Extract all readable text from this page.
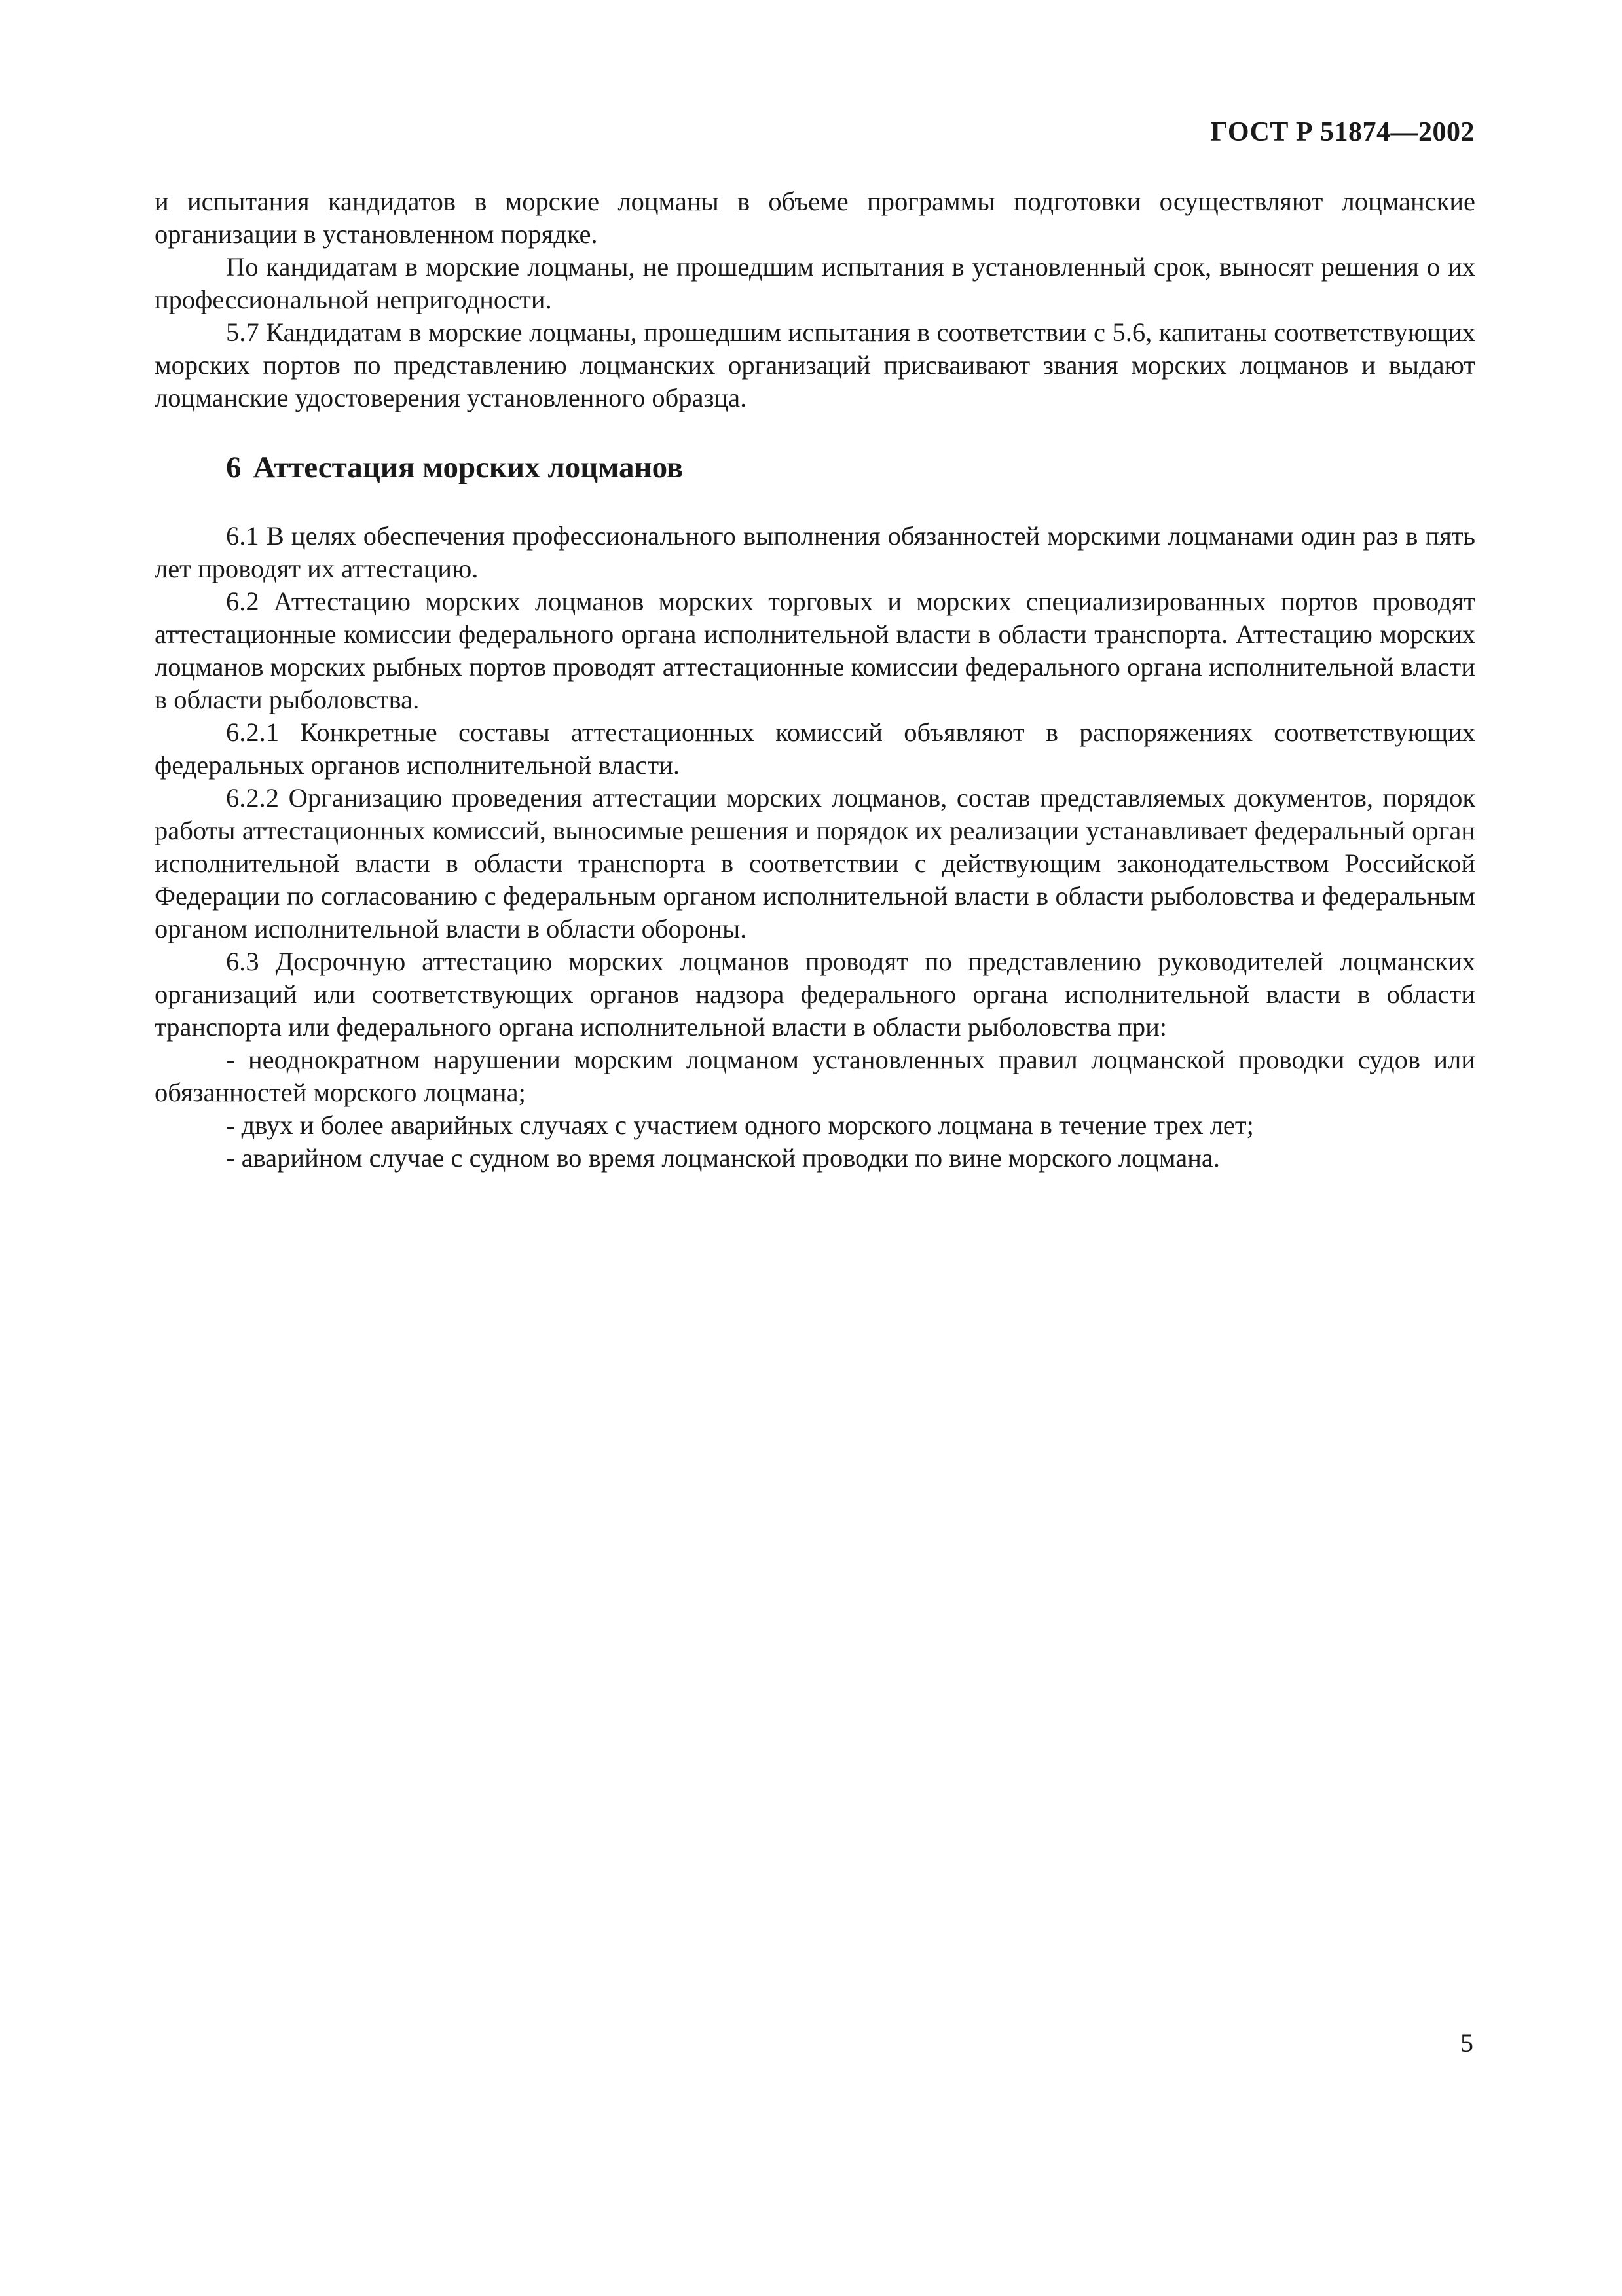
ГОСТ Р 51874—2002

и испытания кандидатов в морские лоцманы в объеме программы подготовки осуществляют лоцманские организации в установленном порядке.

По кандидатам в морские лоцманы, не прошедшим испытания в установленный срок, выносят решения о их профессиональной непригодности.

5.7 Кандидатам в морские лоцманы, прошедшим испытания в соответствии с 5.6, капитаны соответствующих морских портов по представлению лоцманских организаций присваивают звания морских лоцманов и выдают лоцманские удостоверения установленного образца.

6 Аттестация морских лоцманов

6.1 В целях обеспечения профессионального выполнения обязанностей морскими лоцманами один раз в пять лет проводят их аттестацию.

6.2 Аттестацию морских лоцманов морских торговых и морских специализированных портов проводят аттестационные комиссии федерального органа исполнительной власти в области транспорта. Аттестацию морских лоцманов морских рыбных портов проводят аттестационные комиссии федерального органа исполнительной власти в области рыболовства.

6.2.1 Конкретные составы аттестационных комиссий объявляют в распоряжениях соответствующих федеральных органов исполнительной власти.

6.2.2 Организацию проведения аттестации морских лоцманов, состав представляемых документов, порядок работы аттестационных комиссий, выносимые решения и порядок их реализации устанавливает федеральный орган исполнительной власти в области транспорта в соответствии с действующим законодательством Российской Федерации по согласованию с федеральным органом исполнительной власти в области рыболовства и федеральным органом исполнительной власти в области обороны.

6.3 Досрочную аттестацию морских лоцманов проводят по представлению руководителей лоцманских организаций или соответствующих органов надзора федерального органа исполнительной власти в области транспорта или федерального органа исполнительной власти в области рыболовства при:

- неоднократном нарушении морским лоцманом установленных правил лоцманской проводки судов или обязанностей морского лоцмана;

- двух и более аварийных случаях с участием одного морского лоцмана в течение трех лет;

- аварийном случае с судном во время лоцманской проводки по вине морского лоцмана.

5
